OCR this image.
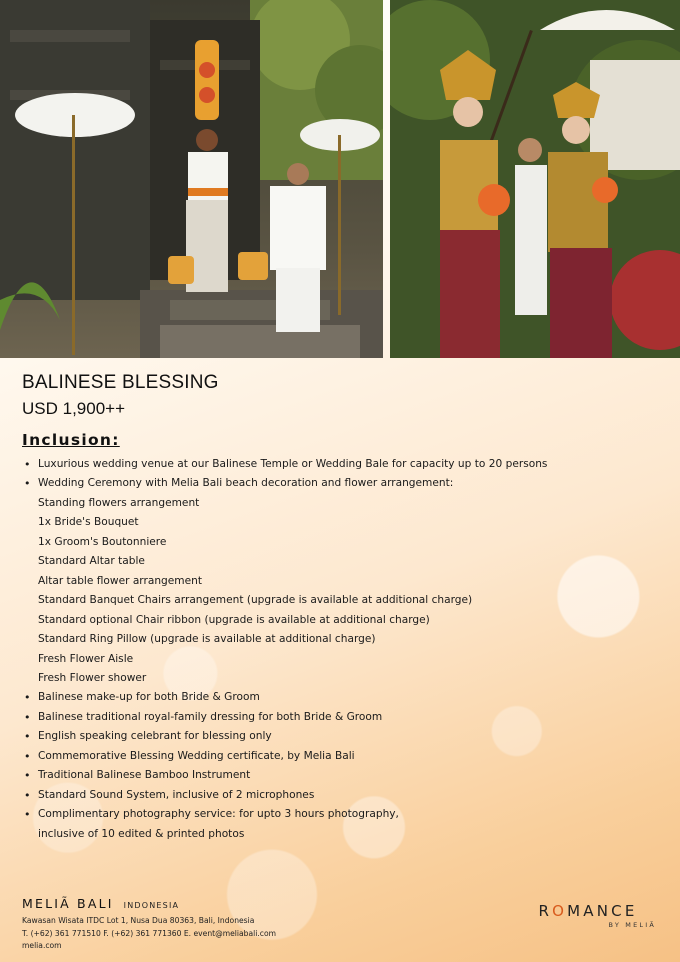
BALINESE BLESSING
USD 1,900++
Inclusion:
• Luxurious wedding venue at our Balinese Temple or Wedding Bale for capacity up to 20 persons
• Wedding Ceremony with Melia Bali beach decoration and flower arrangement:
Standing flowers arrangement
1x Bride's Bouquet
1x Groom's Boutonniere
Standard Altar table
Altar table flower arrangement
Standard Banquet Chairs arrangement (upgrade is available at additional charge)
Standard optional Chair ribbon (upgrade is available at additional charge)
Standard Ring Pillow (upgrade is available at additional charge)
Fresh Flower Aisle
Fresh Flower shower
• Balinese make-up for both Bride & Groom
• Balinese traditional royal-family dressing for both Bride & Groom
• English speaking celebrant for blessing only
• Commemorative Blessing Wedding certificate, by Melia Bali
• Traditional Balinese Bamboo Instrument
• Standard Sound System, inclusive of 2 microphones
• Complimentary photography service: for upto 3 hours photography,
inclusive of 10 edited & printed photos
MELIÃ BALI INDONESIA
Kawasan Wisata ITDC Lot 1, Nusa Dua 80363, Bali, Indonesia
T. (+62) 361 771510 F. (+62) 361 771360 E. event@meliabali.com
melia.com
ROMANCE
BY MELIÃ
